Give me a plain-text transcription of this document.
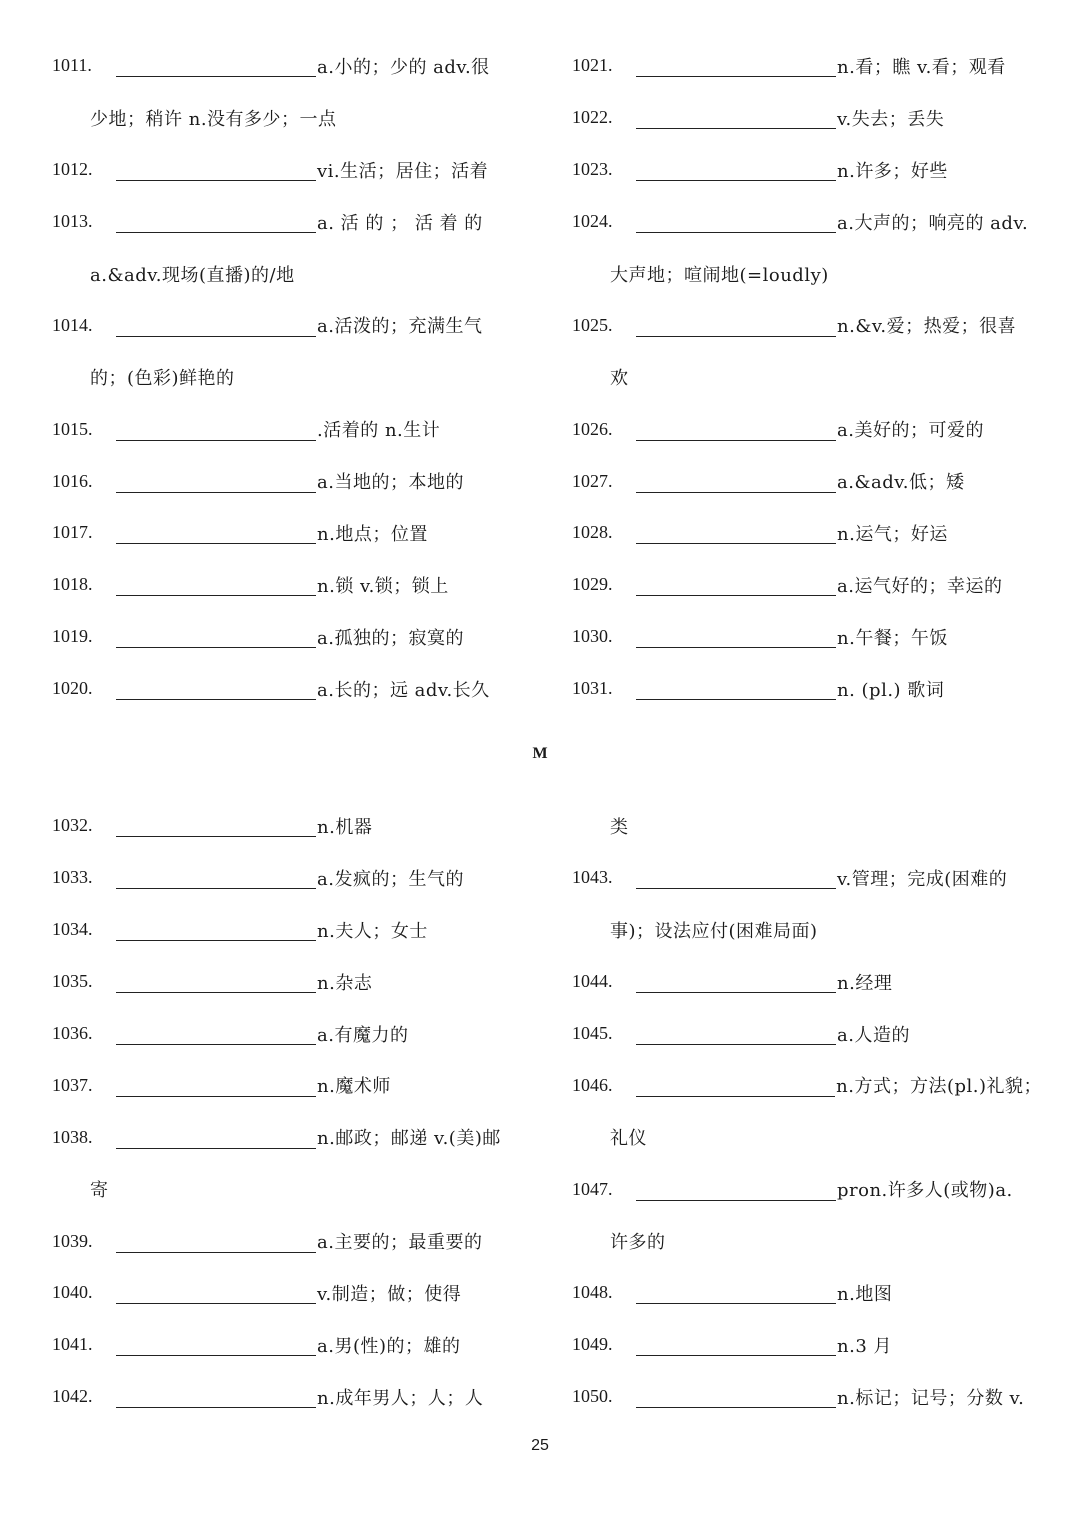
1011.	a.小的；少的 adv.很
少地；稍许 n.没有多少；一点
1012.	vi.生活；居住；活着
1013.	a. 活 的 ； 活 着 的
a.&adv.现场(直播)的/地
1014.	a.活泼的；充满生气
的；(色彩)鲜艳的
1015.	.活着的 n.生计
1016.	a.当地的；本地的
1017.	n.地点；位置
1018.	n.锁 v.锁；锁上
1019.	a.孤独的；寂寞的
1020.	a.长的；远 adv.长久
1021.	n.看；瞧 v.看；观看
1022.	v.失去；丢失
1023.	n.许多；好些
1024.	a.大声的；响亮的 adv.
大声地；喧闹地(=loudly)
1025.	n.&v.爱；热爱；很喜
欢
1026.	a.美好的；可爱的
1027.	a.&adv.低；矮
1028.	n.运气；好运
1029.	a.运气好的；幸运的
1030.	n.午餐；午饭
1031.	n. (pl.) 歌词
M
1032.	n.机器
1033.	a.发疯的；生气的
1034.	n.夫人；女士
1035.	n.杂志
1036.	a.有魔力的
1037.	n.魔术师
1038.	n.邮政；邮递 v.(美)邮
寄
1039.	a.主要的；最重要的
1040.	v.制造；做；使得
1041.	a.男(性)的；雄的
1042.	n.成年男人；人；人
类
1043.	v.管理；完成(困难的
事)；设法应付(困难局面)
1044.	n.经理
1045.	a.人造的
1046.	n.方式；方法(pl.)礼貌；
礼仪
1047.	pron.许多人(或物)a.
许多的
1048.	n.地图
1049.	n.3 月
1050.	n.标记；记号；分数 v.
25
